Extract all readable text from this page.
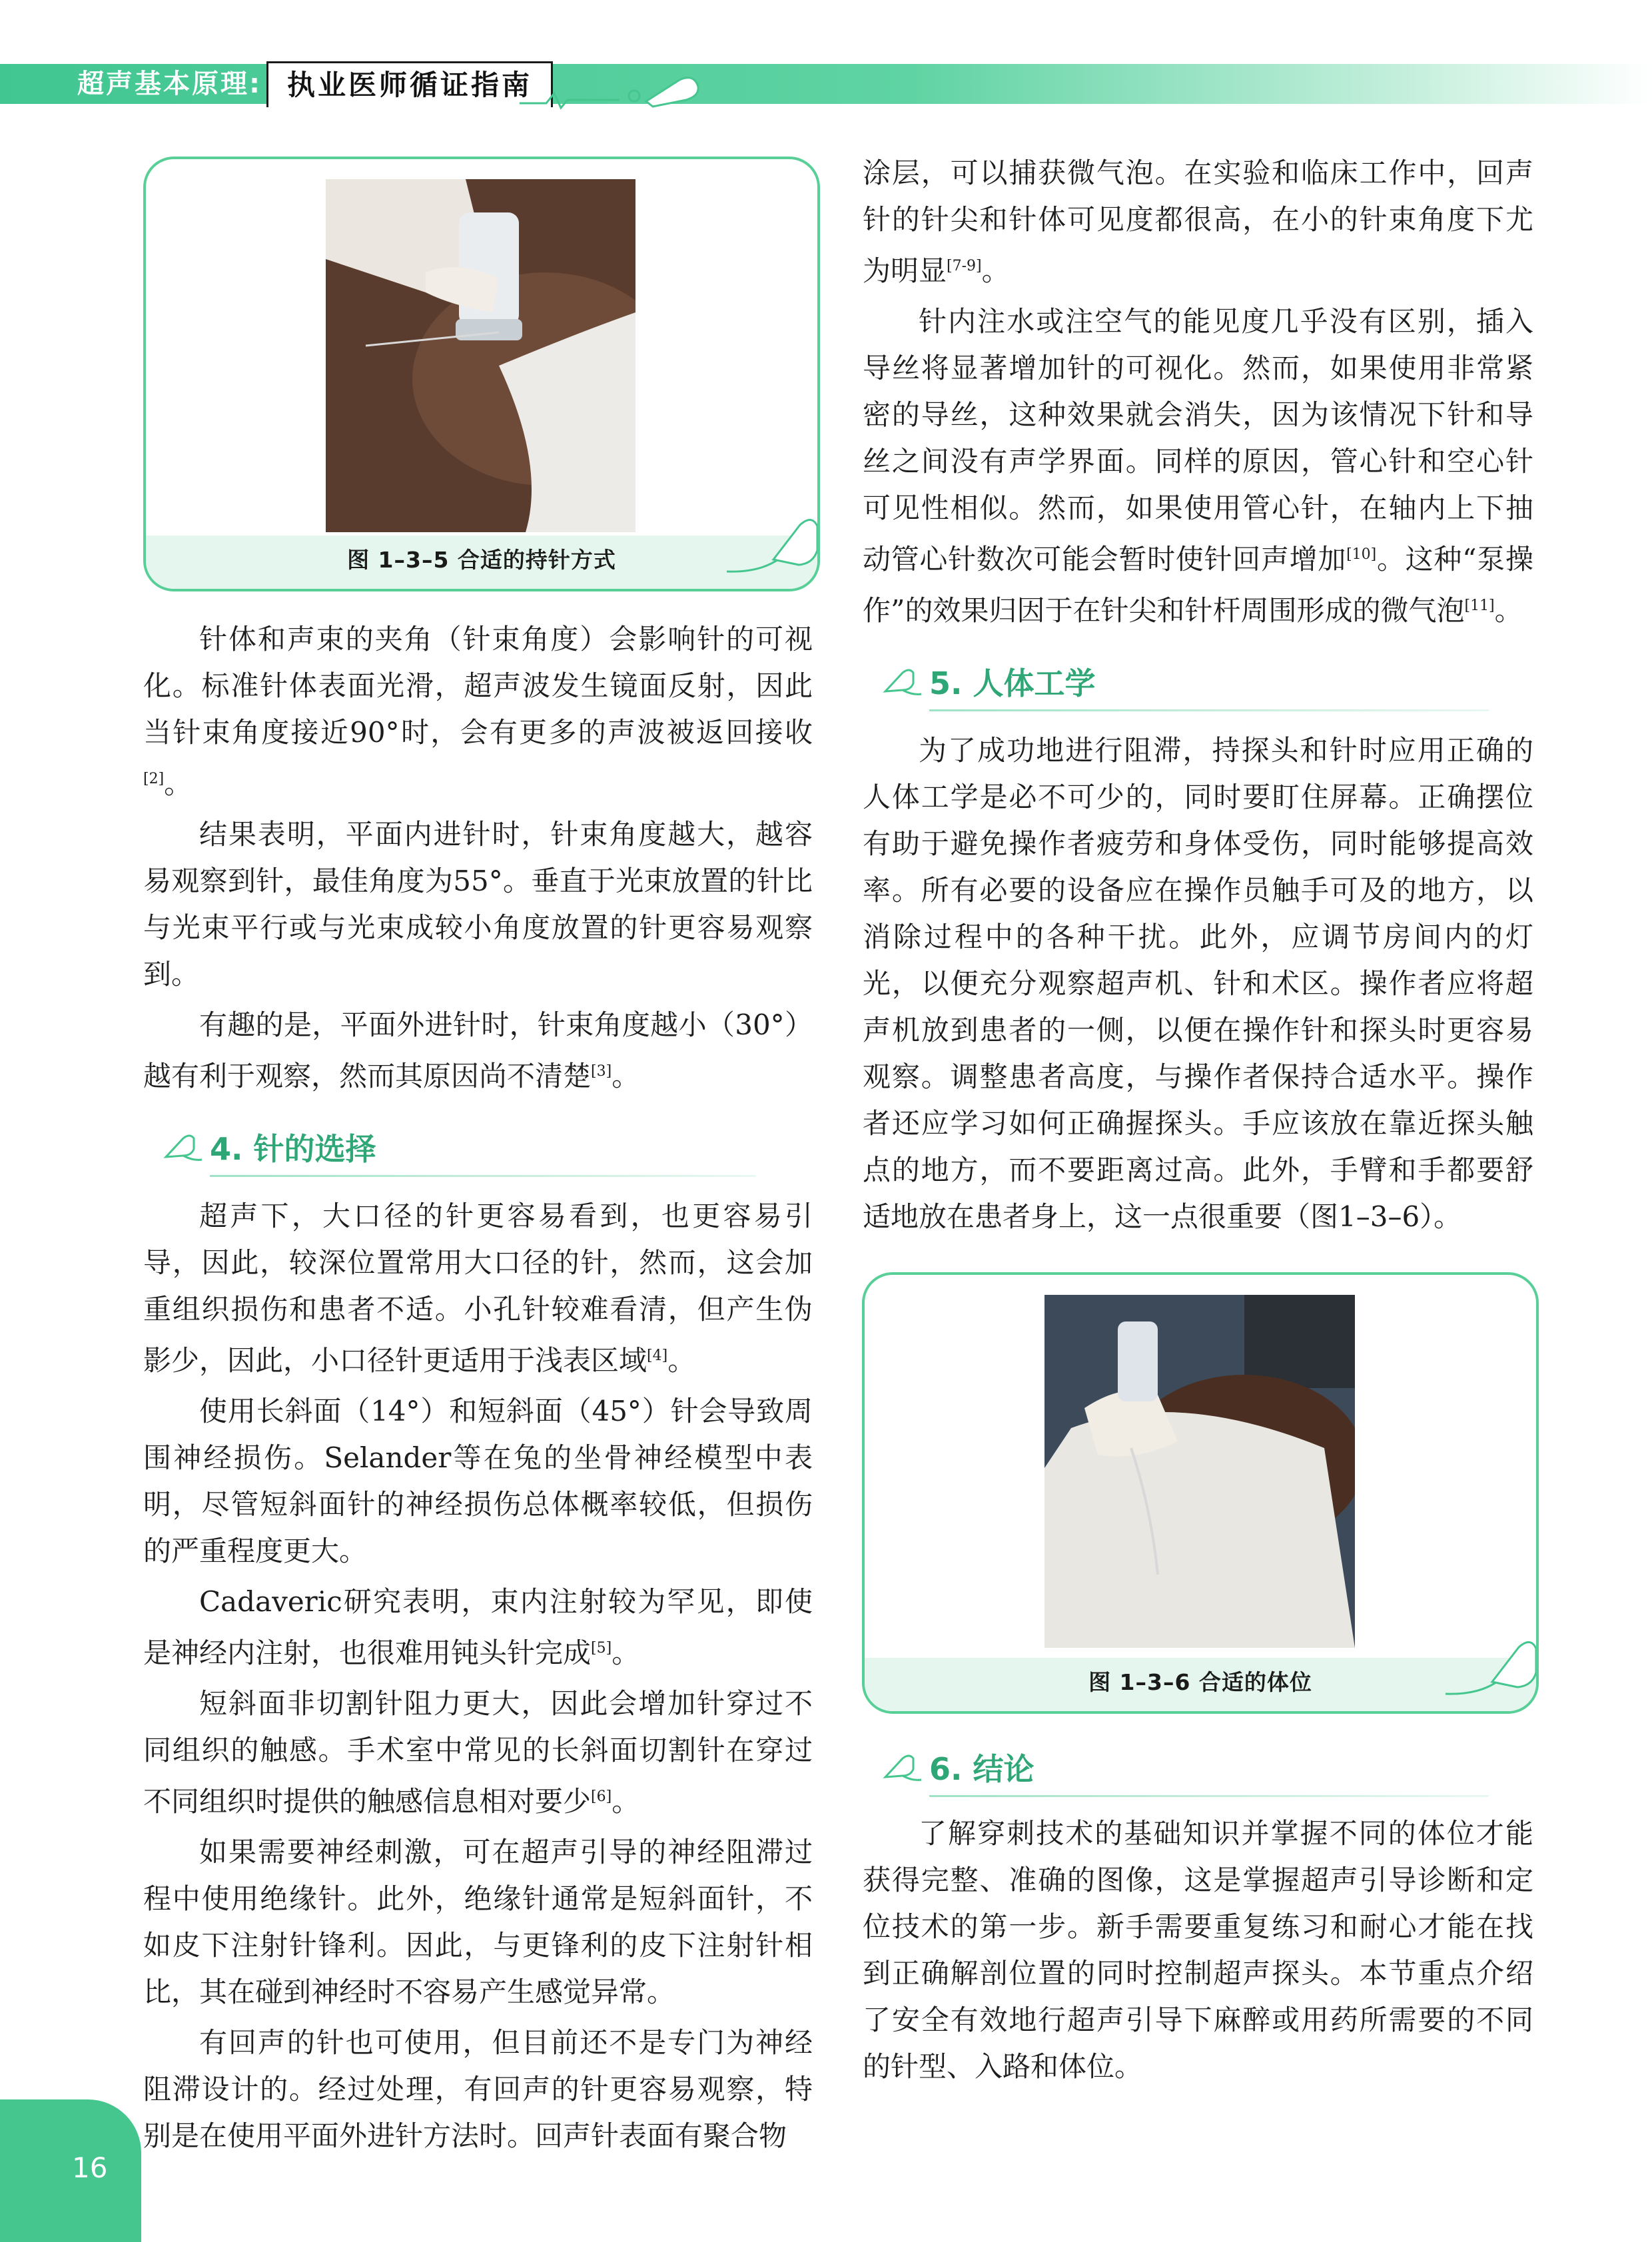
超声基本原理: 执业医师循证指南
图 1–3–5 合适的持针方式

针体和声束的夹角（针束角度）会影响针的可视化。标准针体表面光滑，超声波发生镜面反射，因此当针束角度接近90°时，会有更多的声波被返回接收[2]。

结果表明，平面内进针时，针束角度越大，越容易观察到针，最佳角度为55°。垂直于光束放置的针比与光束平行或与光束成较小角度放置的针更容易观察到。

有趣的是，平面外进针时，针束角度越小（30°）越有利于观察，然而其原因尚不清楚[3]。

4. 针的选择

超声下，大口径的针更容易看到，也更容易引导，因此，较深位置常用大口径的针，然而，这会加重组织损伤和患者不适。小孔针较难看清，但产生伪影少，因此，小口径针更适用于浅表区域[4]。

使用长斜面（14°）和短斜面（45°）针会导致周围神经损伤。Selander等在兔的坐骨神经模型中表明，尽管短斜面针的神经损伤总体概率较低，但损伤的严重程度更大。

Cadaveric研究表明，束内注射较为罕见，即使是神经内注射，也很难用钝头针完成[5]。

短斜面非切割针阻力更大，因此会增加针穿过不同组织的触感。手术室中常见的长斜面切割针在穿过不同组织时提供的触感信息相对要少[6]。

如果需要神经刺激，可在超声引导的神经阻滞过程中使用绝缘针。此外，绝缘针通常是短斜面针，不如皮下注射针锋利。因此，与更锋利的皮下注射针相比，其在碰到神经时不容易产生感觉异常。

有回声的针也可使用，但目前还不是专门为神经阻滞设计的。经过处理，有回声的针更容易观察，特别是在使用平面外进针方法时。回声针表面有聚合物

涂层，可以捕获微气泡。在实验和临床工作中，回声针的针尖和针体可见度都很高，在小的针束角度下尤为明显[7-9]。

针内注水或注空气的能见度几乎没有区别，插入导丝将显著增加针的可视化。然而，如果使用非常紧密的导丝，这种效果就会消失，因为该情况下针和导丝之间没有声学界面。同样的原因，管心针和空心针可见性相似。然而，如果使用管心针，在轴内上下抽动管心针数次可能会暂时使针回声增加[10]。这种“泵操作”的效果归因于在针尖和针杆周围形成的微气泡[11]。

5. 人体工学

为了成功地进行阻滞，持探头和针时应用正确的人体工学是必不可少的，同时要盯住屏幕。正确摆位有助于避免操作者疲劳和身体受伤，同时能够提高效率。所有必要的设备应在操作员触手可及的地方，以消除过程中的各种干扰。此外，应调节房间内的灯光，以便充分观察超声机、针和术区。操作者应将超声机放到患者的一侧，以便在操作针和探头时更容易观察。调整患者高度，与操作者保持合适水平。操作者还应学习如何正确握探头。手应该放在靠近探头触点的地方，而不要距离过高。此外，手臂和手都要舒适地放在患者身上，这一点很重要（图1–3–6）。

图 1–3–6 合适的体位
6. 结论

了解穿刺技术的基础知识并掌握不同的体位才能获得完整、准确的图像，这是掌握超声引导诊断和定位技术的第一步。新手需要重复练习和耐心才能在找到正确解剖位置的同时控制超声探头。本节重点介绍了安全有效地行超声引导下麻醉或用药所需要的不同的针型、入路和体位。

16
